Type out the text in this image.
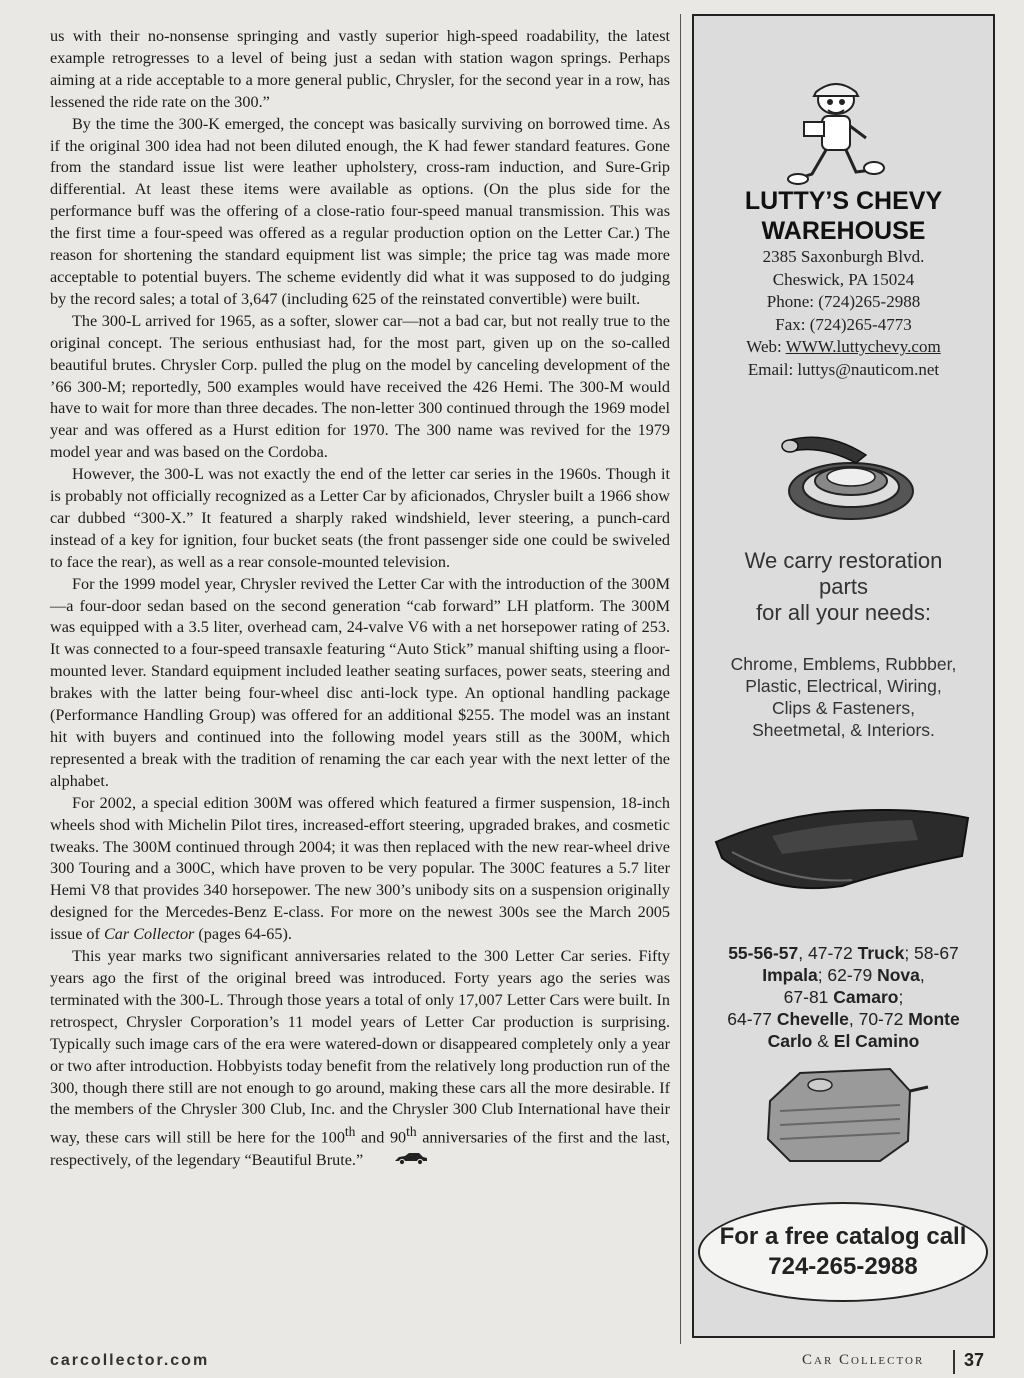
us with their no-nonsense springing and vastly superior high-speed roadability, the latest example retrogresses to a level of being just a sedan with station wagon springs. Perhaps aiming at a ride acceptable to a more general public, Chrysler, for the second year in a row, has lessened the ride rate on the 300.”

By the time the 300-K emerged, the concept was basically surviving on borrowed time. As if the original 300 idea had not been diluted enough, the K had fewer standard features. Gone from the standard issue list were leather upholstery, cross-ram induction, and Sure-Grip differential. At least these items were available as options. (On the plus side for the performance buff was the offering of a close-ratio four-speed manual transmission. This was the first time a four-speed was offered as a regular production option on the Letter Car.) The reason for shortening the standard equipment list was simple; the price tag was made more acceptable to potential buyers. The scheme evidently did what it was supposed to do judging by the record sales; a total of 3,647 (including 625 of the reinstated convertible) were built.

The 300-L arrived for 1965, as a softer, slower car—not a bad car, but not really true to the original concept. The serious enthusiast had, for the most part, given up on the so-called beautiful brutes. Chrysler Corp. pulled the plug on the model by canceling development of the ’66 300-M; reportedly, 500 examples would have received the 426 Hemi. The 300-M would have to wait for more than three decades. The non-letter 300 continued through the 1969 model year and was offered as a Hurst edition for 1970. The 300 name was revived for the 1979 model year and was based on the Cordoba.

However, the 300-L was not exactly the end of the letter car series in the 1960s. Though it is probably not officially recognized as a Letter Car by aficionados, Chrysler built a 1966 show car dubbed “300-X.” It featured a sharply raked windshield, lever steering, a punch-card instead of a key for ignition, four bucket seats (the front passenger side one could be swiveled to face the rear), as well as a rear console-mounted television.

For the 1999 model year, Chrysler revived the Letter Car with the introduction of the 300M—a four-door sedan based on the second generation “cab forward” LH platform. The 300M was equipped with a 3.5 liter, overhead cam, 24-valve V6 with a net horsepower rating of 253. It was connected to a four-speed transaxle featuring “Auto Stick” manual shifting using a floor-mounted lever. Standard equipment included leather seating surfaces, power seats, steering and brakes with the latter being four-wheel disc anti-lock type. An optional handling package (Performance Handling Group) was offered for an additional $255. The model was an instant hit with buyers and continued into the following model years still as the 300M, which represented a break with the tradition of renaming the car each year with the next letter of the alphabet.

For 2002, a special edition 300M was offered which featured a firmer suspension, 18-inch wheels shod with Michelin Pilot tires, increased-effort steering, upgraded brakes, and cosmetic tweaks. The 300M continued through 2004; it was then replaced with the new rear-wheel drive 300 Touring and a 300C, which have proven to be very popular. The 300C features a 5.7 liter Hemi V8 that provides 340 horsepower. The new 300’s unibody sits on a suspension originally designed for the Mercedes-Benz E-class. For more on the newest 300s see the March 2005 issue of Car Collector (pages 64-65).

This year marks two significant anniversaries related to the 300 Letter Car series. Fifty years ago the first of the original breed was introduced. Forty years ago the series was terminated with the 300-L. Through those years a total of only 17,007 Letter Cars were built. In retrospect, Chrysler Corporation’s 11 model years of Letter Car production is surprising. Typically such image cars of the era were watered-down or disappeared completely only a year or two after introduction. Hobbyists today benefit from the relatively long production run of the 300, though there still are not enough to go around, making these cars all the more desirable. If the members of the Chrysler 300 Club, Inc. and the Chrysler 300 Club International have their way, these cars will still be here for the 100th and 90th anniversaries of the first and the last, respectively, of the legendary “Beautiful Brute.”

LUTTY’S CHEVY
WAREHOUSE
2385 Saxonburgh Blvd.
Cheswick, PA 15024
Phone: (724)265-2988
Fax: (724)265-4773
Web: WWW.luttychevy.com
Email: luttys@nauticom.net
We carry restoration
parts
for all your needs:
Chrome, Emblems, Rubbber,
Plastic, Electrical, Wiring,
Clips & Fasteners,
Sheetmetal, & Interiors.
55-56-57, 47-72 Truck; 58-67
Impala; 62-79 Nova,
67-81 Camaro;
64-77 Chevelle, 70-72 Monte
Carlo & El Camino
For a free catalog call
724-265-2988
carcollector.com	Car Collector 37
